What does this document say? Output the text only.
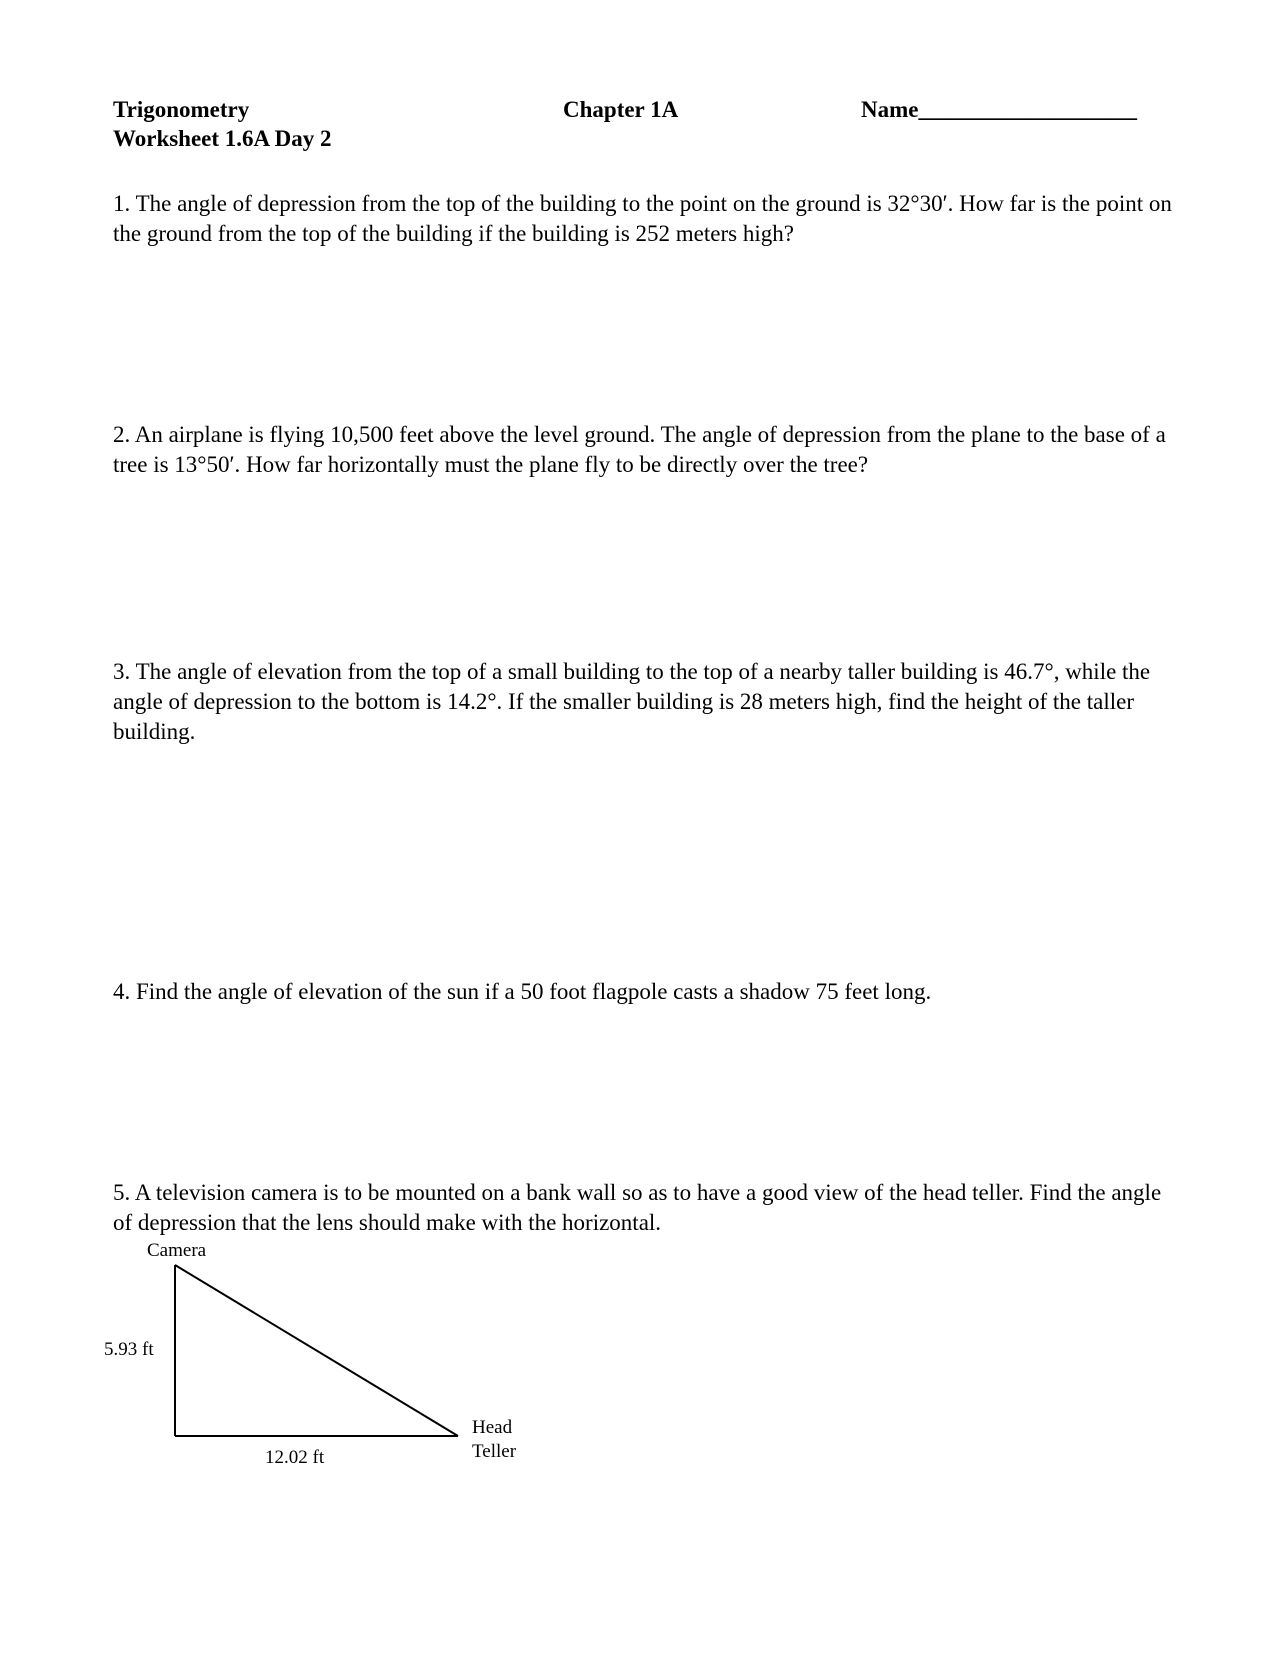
Trigonometry
Worksheet 1.6A Day 2
Chapter 1A	Name___________________

1. The angle of depression from the top of the building to the point on the ground is 32°30′. How far is the point on the ground from the top of the building if the building is 252 meters high?

2. An airplane is flying 10,500 feet above the level ground. The angle of depression from the plane to the base of a tree is 13°50′. How far horizontally must the plane fly to be directly over the tree?

3. The angle of elevation from the top of a small building to the top of a nearby taller building is 46.7°, while the angle of depression to the bottom is 14.2°. If the smaller building is 28 meters high, find the height of the taller building.

4. Find the angle of elevation of the sun if a 50 foot flagpole casts a shadow 75 feet long.

5. A television camera is to be mounted on a bank wall so as to have a good view of the head teller. Find the angle of depression that the lens should make with the horizontal.

Camera
5.93 ft
12.02 ft
Head
Teller
